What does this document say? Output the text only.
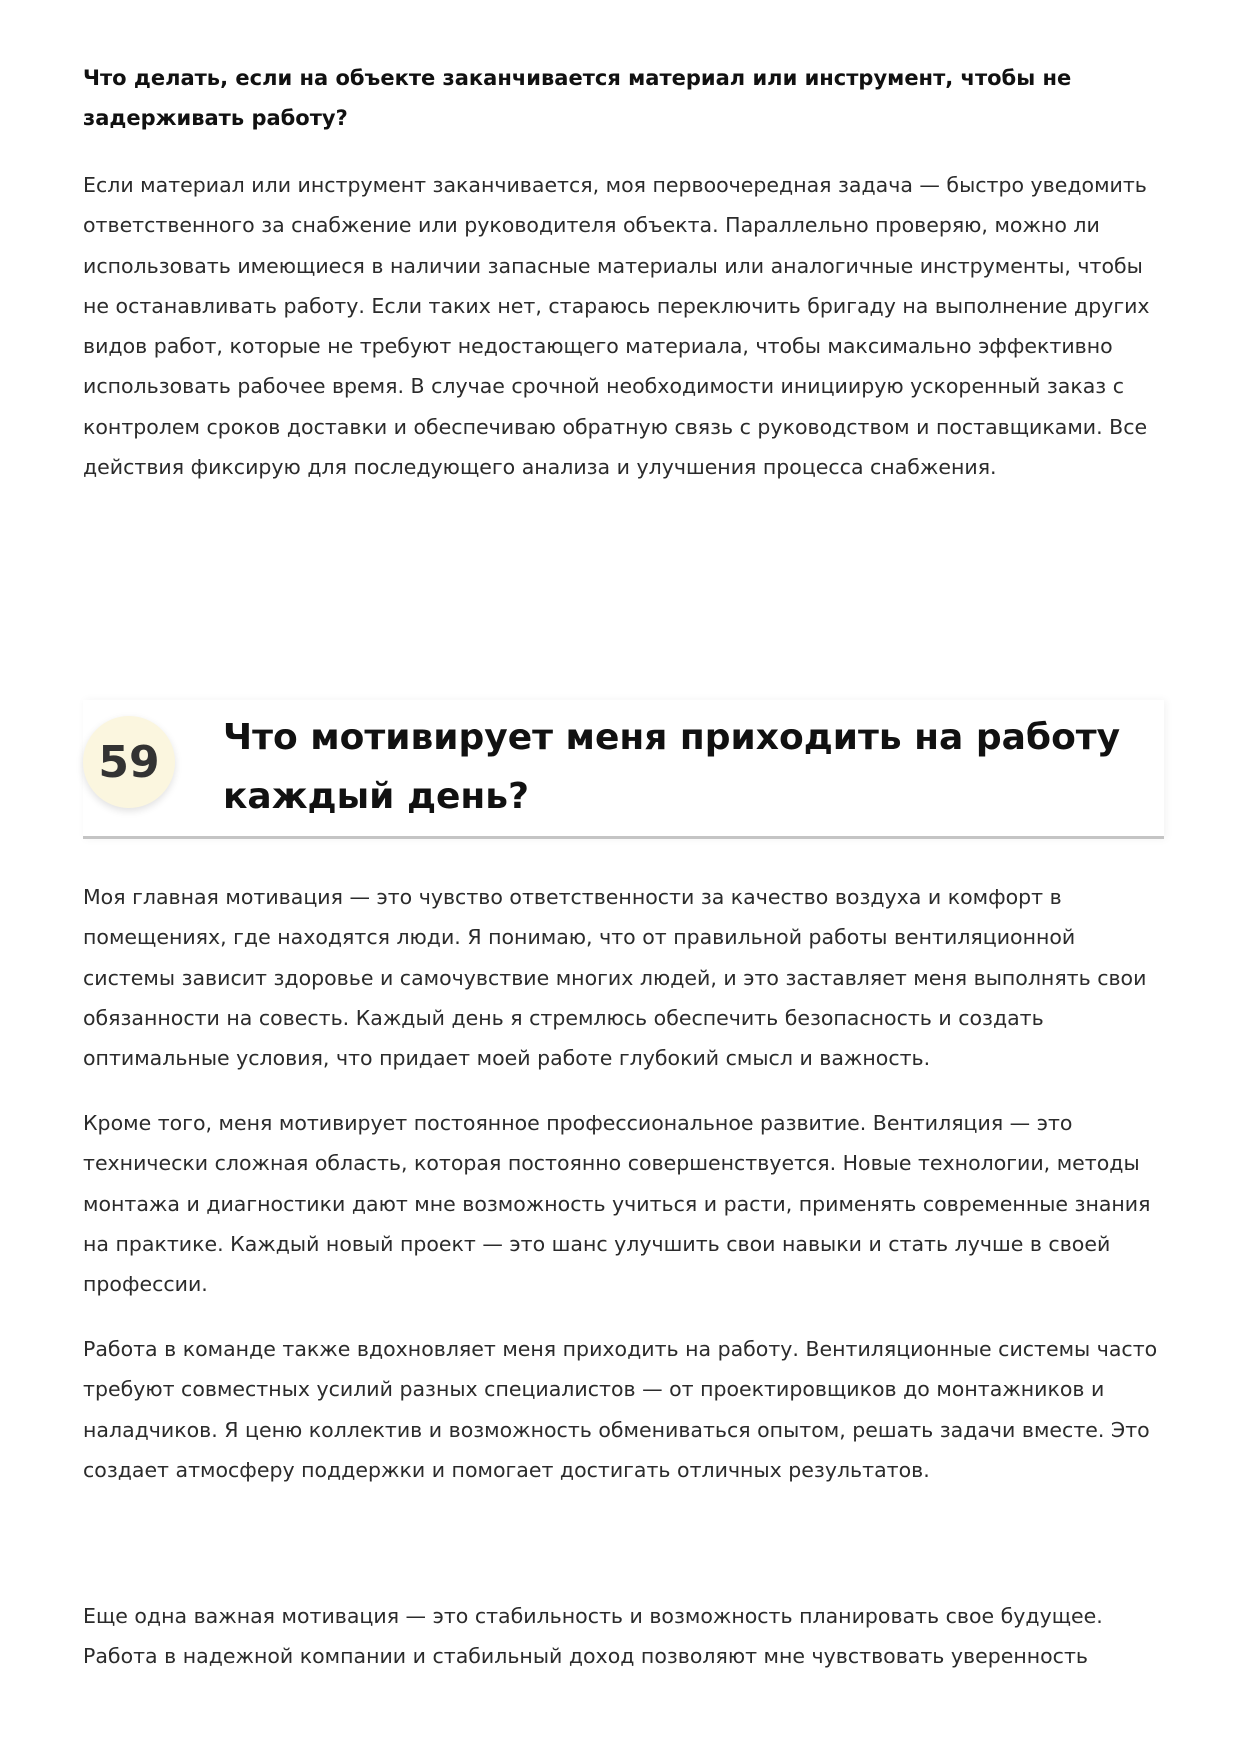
Что делать, если на объекте заканчивается материал или инструмент, чтобы не задерживать работу?

Если материал или инструмент заканчивается, моя первоочередная задача — быстро уведомить ответственного за снабжение или руководителя объекта. Параллельно проверяю, можно ли использовать имеющиеся в наличии запасные материалы или аналогичные инструменты, чтобы не останавливать работу. Если таких нет, стараюсь переключить бригаду на выполнение других видов работ, которые не требуют недостающего материала, чтобы максимально эффективно использовать рабочее время. В случае срочной необходимости инициирую ускоренный заказ с контролем сроков доставки и обеспечиваю обратную связь с руководством и поставщиками. Все действия фиксирую для последующего анализа и улучшения процесса снабжения.

59	Что мотивирует меня приходить на работу каждый день?

Моя главная мотивация — это чувство ответственности за качество воздуха и комфорт в помещениях, где находятся люди. Я понимаю, что от правильной работы вентиляционной системы зависит здоровье и самочувствие многих людей, и это заставляет меня выполнять свои обязанности на совесть. Каждый день я стремлюсь обеспечить безопасность и создать оптимальные условия, что придает моей работе глубокий смысл и важность.

Кроме того, меня мотивирует постоянное профессиональное развитие. Вентиляция — это технически сложная область, которая постоянно совершенствуется. Новые технологии, методы монтажа и диагностики дают мне возможность учиться и расти, применять современные знания на практике. Каждый новый проект — это шанс улучшить свои навыки и стать лучше в своей профессии.

Работа в команде также вдохновляет меня приходить на работу. Вентиляционные системы часто требуют совместных усилий разных специалистов — от проектировщиков до монтажников и наладчиков. Я ценю коллектив и возможность обмениваться опытом, решать задачи вместе. Это создает атмосферу поддержки и помогает достигать отличных результатов.

Еще одна важная мотивация — это стабильность и возможность планировать свое будущее. Работа в надежной компании и стабильный доход позволяют мне чувствовать уверенность
